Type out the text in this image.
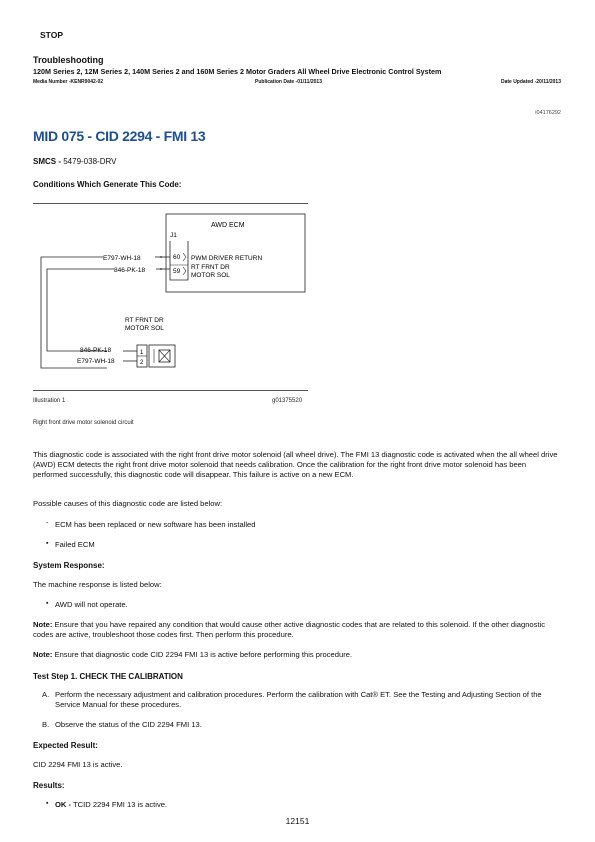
STOP
Troubleshooting
120M Series 2, 12M Series 2, 140M Series 2 and 160M Series 2 Motor Graders All Wheel Drive Electronic Control System
Media Number -KENR9042-02	Publication Date -01/11/2013	Date Updated -20/11/2013
i04176292
MID 075 - CID 2294 - FMI 13
SMCS - 5479-038-DRV
Conditions Which Generate This Code:
AWD ECM
J1
60
59
PWM DRIVER RETURN
RT FRNT DR
MOTOR SOL
E797-WH-18
846-PK-18
RT FRNT DR
MOTOR SOL
846-PK-18
E797-WH-18
1
2
Illustration 1	g01375520
Right front drive motor solenoid circuit
This diagnostic code is associated with the right front drive motor solenoid (all wheel drive). The FMI 13 diagnostic code is activated when the all wheel drive (AWD) ECM detects the right front drive motor solenoid that needs calibration. Once the calibration for the right front drive motor solenoid has been performed successfully, this diagnostic code will disappear. This failure is active on a new ECM.
Possible causes of this diagnostic code are listed below:
- ECM has been replaced or new software has been installed
▪ Failed ECM
System Response:
The machine response is listed below:
▪ AWD will not operate.
Note: Ensure that you have repaired any condition that would cause other active diagnostic codes that are related to this solenoid. If the other diagnostic codes are active, troubleshoot those codes first. Then perform this procedure.
Note: Ensure that diagnostic code CID 2294 FMI 13 is active before performing this procedure.
Test Step 1. CHECK THE CALIBRATION
A. Perform the necessary adjustment and calibration procedures. Perform the calibration with Cat® ET. See the Testing and Adjusting Section of the Service Manual for these procedures.
B. Observe the status of the CID 2294 FMI 13.
Expected Result:
CID 2294 FMI 13 is active.
Results:
▪ OK - TCID 2294 FMI 13 is active.
12151
